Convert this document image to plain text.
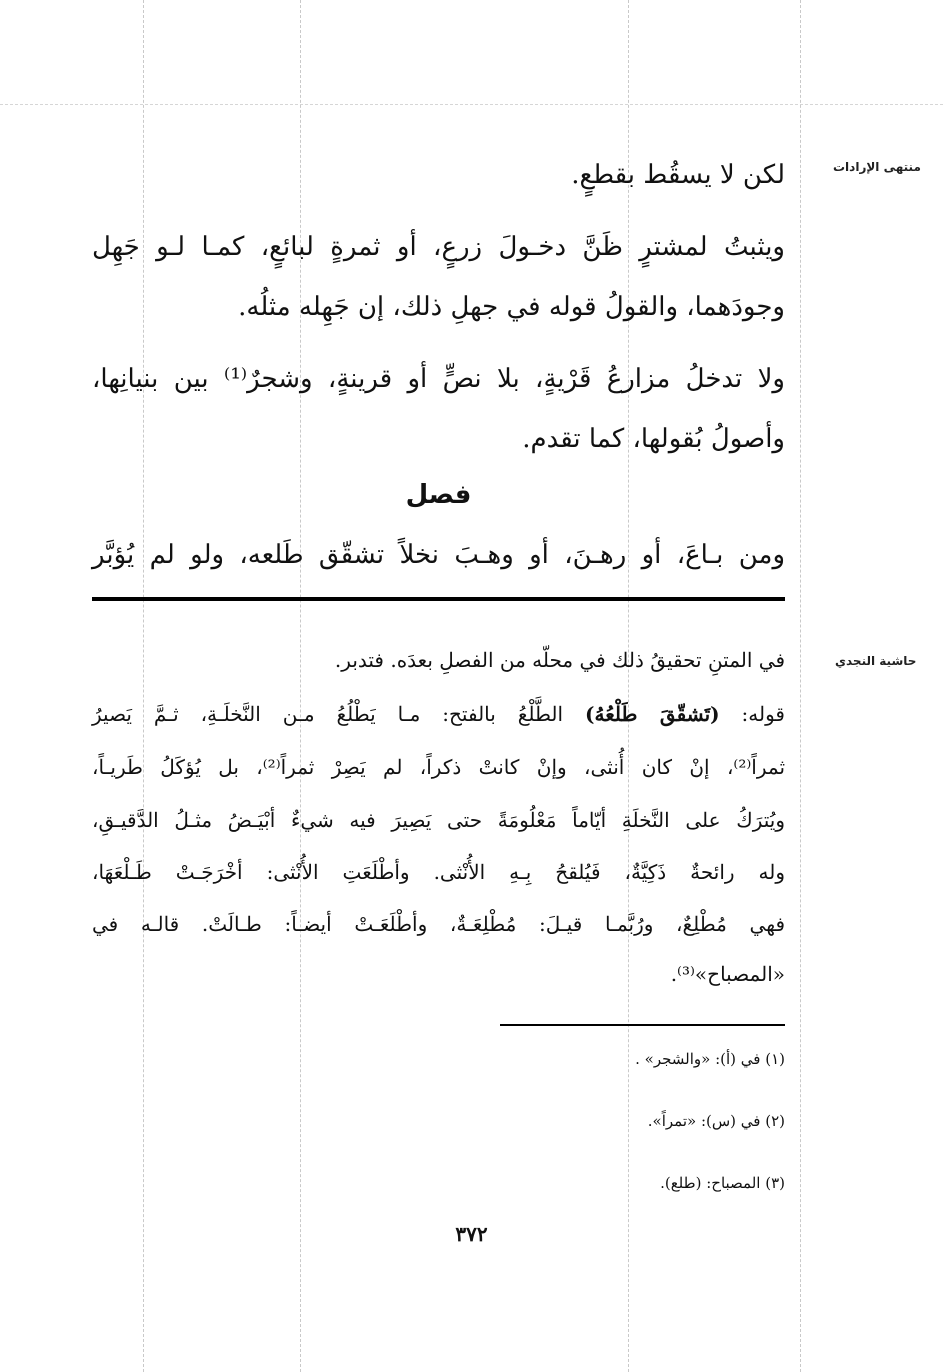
منتهى الإرادات
حاشية النجدي
لكن لا يسقُط بقطعٍ.
ويثبتُ لمشترٍ ظَنَّ دخـولَ زرعٍ، أو ثمرةٍ لبائعٍ، كمـا لـو جَهِل
وجودَهما، والقولُ قوله في جهلِ ذلك، إن جَهِله مثلُه.
ولا تدخلُ مزارعُ قَرْيةٍ، بلا نصٍّ أو قرينةٍ، وشجرٌ⁽¹⁾ بين بنيانِها،
وأصولُ بُقولها، كما تقدم.
فصل
ومن بـاعَ، أو رهـنَ، أو وهـبَ نخلاً تشقّق طَلعه، ولو لم يُؤبَّر
في المتنِ تحقيقُ ذلك في محلّه من الفصلِ بعدَه. فتدبر.
قوله: (تَشقّقَ طَلْعُهُ) الطَّلْعُ بالفتح: مـا يَطْلُعُ مـن النَّخلَـةِ، ثـمَّ يَصيرُ
ثمراً⁽²⁾، إنْ كان أُنثى، وإنْ كانتْ ذكراً، لم يَصِرْ ثمراً⁽²⁾، بل يُؤكَلُ طَريـاً،
ويُترَكُ على النَّخلَةِ أيّاماً مَعْلُومَةً حتى يَصِيرَ فيه شيءٌ أبْيَـضُ مثـلُ الدَّقيـقِ،
وله رائحةٌ ذَكِيَّةٌ، فَيُلقحُ بِـهِ الأُنْثى. وأطْلَعَتِ الأُنْثى: أخْرَجَـتْ طَـلْعَهَا،
فهي مُطْلِعٌ، ورُبَّمـا قيـلَ: مُطْلِعَـةٌ، وأطْلَعَـتْ أيضـاً: طـالَتْ. قالـه في
«المصباح»⁽³⁾.
(١) في (أ): «والشجر» .
(٢) في (س): «تمراً».
(٣) المصباح: (طلع).
٣٧٢
